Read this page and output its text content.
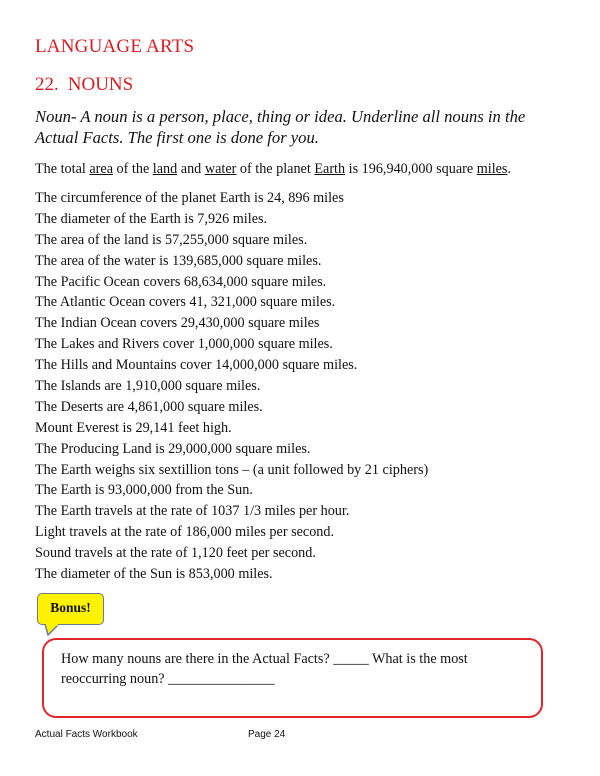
LANGUAGE ARTS
22. NOUNS
Noun- A noun is a person, place, thing or idea. Underline all nouns in the Actual Facts. The first one is done for you.
The total area of the land and water of the planet Earth is 196,940,000 square miles.
The circumference of the planet Earth is 24, 896 miles
The diameter of the Earth is 7,926 miles.
The area of the land is 57,255,000 square miles.
The area of the water is 139,685,000 square miles.
The Pacific Ocean covers 68,634,000 square miles.
The Atlantic Ocean covers 41, 321,000 square miles.
The Indian Ocean covers 29,430,000 square miles
The Lakes and Rivers cover 1,000,000 square miles.
The Hills and Mountains cover 14,000,000 square miles.
The Islands are 1,910,000 square miles.
The Deserts are 4,861,000 square miles.
Mount Everest is 29,141 feet high.
The Producing Land is 29,000,000 square miles.
The Earth weighs six sextillion tons – (a unit followed by 21 ciphers)
The Earth is 93,000,000 from the Sun.
The Earth travels at the rate of 1037 1/3 miles per hour.
Light travels at the rate of 186,000 miles per second.
Sound travels at the rate of 1,120 feet per second.
The diameter of the Sun is 853,000 miles.
Bonus!
How many nouns are there in the Actual Facts? _____ What is the most reoccurring noun? _______________
Actual Facts Workbook	Page 24
